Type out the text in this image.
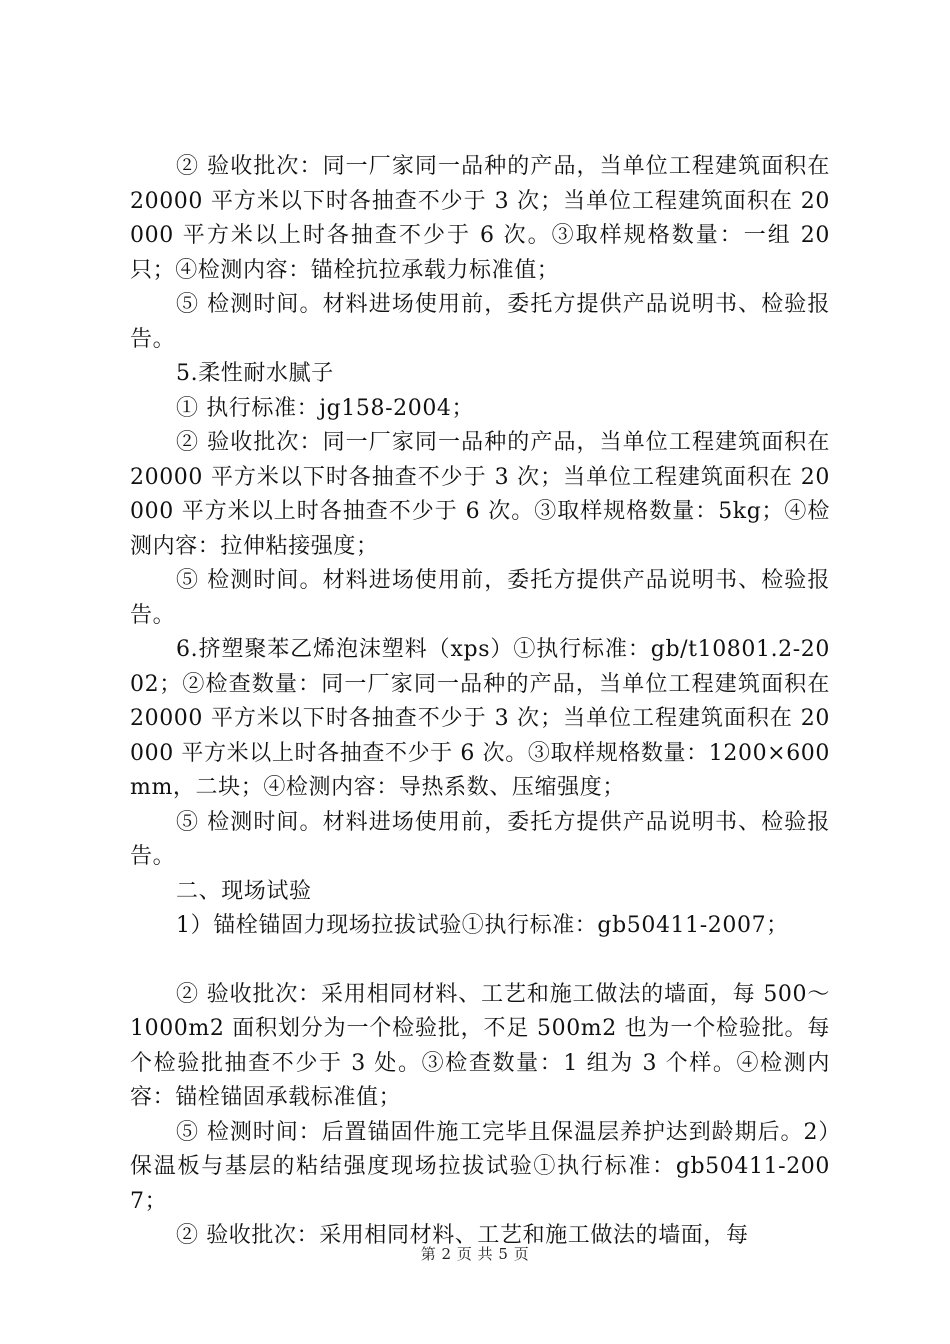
② 验收批次：同一厂家同一品种的产品，当单位工程建筑面积在 20000 平方米以下时各抽查不少于 3 次；当单位工程建筑面积在 20000 平方米以上时各抽查不少于 6 次。③取样规格数量：一组 20 只；④检测内容：锚栓抗拉承载力标准值；

⑤ 检测时间。材料进场使用前，委托方提供产品说明书、检验报告。

5.柔性耐水腻子

① 执行标准：jg158-2004；

② 验收批次：同一厂家同一品种的产品，当单位工程建筑面积在 20000 平方米以下时各抽查不少于 3 次；当单位工程建筑面积在 20000 平方米以上时各抽查不少于 6 次。③取样规格数量：5kg；④检测内容：拉伸粘接强度；

⑤ 检测时间。材料进场使用前，委托方提供产品说明书、检验报告。

6.挤塑聚苯乙烯泡沫塑料（xps）①执行标准：gb/t10801.2-2002；②检查数量：同一厂家同一品种的产品，当单位工程建筑面积在 20000 平方米以下时各抽查不少于 3 次；当单位工程建筑面积在 20000 平方米以上时各抽查不少于 6 次。③取样规格数量：1200×600mm，二块；④检测内容：导热系数、压缩强度；

⑤ 检测时间。材料进场使用前，委托方提供产品说明书、检验报告。

二、现场试验

1）锚栓锚固力现场拉拔试验①执行标准：gb50411-2007；

② 验收批次：采用相同材料、工艺和施工做法的墙面，每 500～1000m2 面积划分为一个检验批，不足 500m2 也为一个检验批。每个检验批抽查不少于 3 处。③检查数量：1 组为 3 个样。④检测内容：锚栓锚固承载标准值；

⑤ 检测时间：后置锚固件施工完毕且保温层养护达到龄期后。2）保温板与基层的粘结强度现场拉拔试验①执行标准：gb50411-2007；

② 验收批次：采用相同材料、工艺和施工做法的墙面，每

第 2 页 共 5 页
